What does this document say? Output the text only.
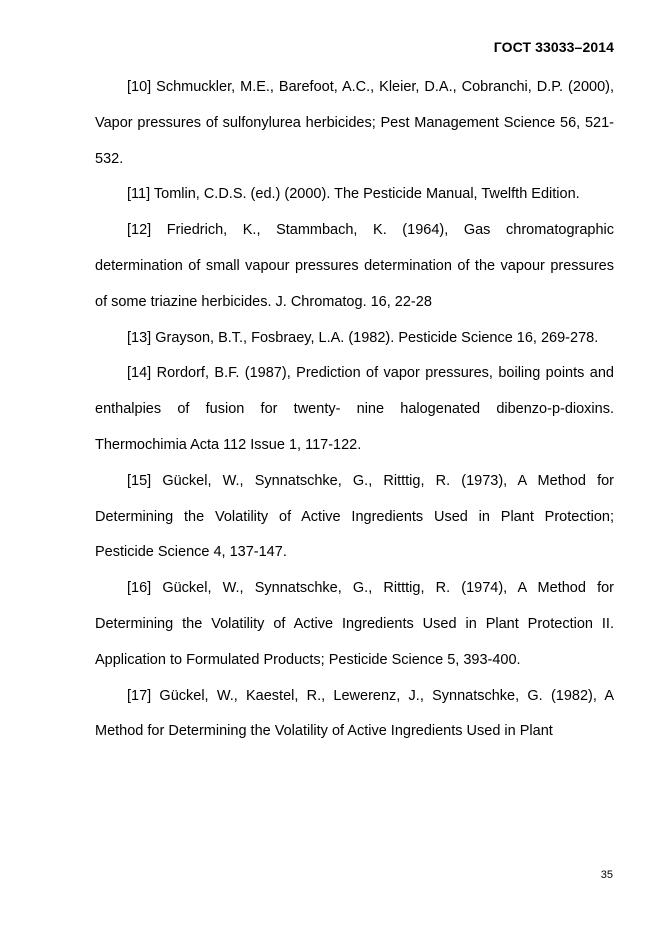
ГОСТ 33033–2014

[10] Schmuckler, M.E., Barefoot, A.C., Kleier, D.A., Cobranchi, D.P. (2000), Vapor pressures of sulfonylurea herbicides; Pest Management Science 56, 521-532.

[11] Tomlin, C.D.S. (ed.) (2000). The Pesticide Manual, Twelfth Edition.

[12] Friedrich, K., Stammbach, K. (1964), Gas chromatographic determination of small vapour pressures determination of the vapour pressures of some triazine herbicides. J. Chromatog. 16, 22-28

[13] Grayson, B.T., Fosbraey, L.A. (1982). Pesticide Science 16, 269-278.

[14] Rordorf, B.F. (1987), Prediction of vapor pressures, boiling points and enthalpies of fusion for twenty- nine halogenated dibenzo-p-dioxins. Thermochimia Acta 112 Issue 1, 117-122.

[15] Gückel, W., Synnatschke, G., Ritttig, R. (1973), A Method for Determining the Volatility of Active Ingredients Used in Plant Protection; Pesticide Science 4, 137-147.

[16] Gückel, W., Synnatschke, G., Ritttig, R. (1974), A Method for Determining the Volatility of Active Ingredients Used in Plant Protection II. Application to Formulated Products; Pesticide Science 5, 393-400.

[17] Gückel, W., Kaestel, R., Lewerenz, J., Synnatschke, G. (1982), A Method for Determining the Volatility of Active Ingredients Used in Plant

35
